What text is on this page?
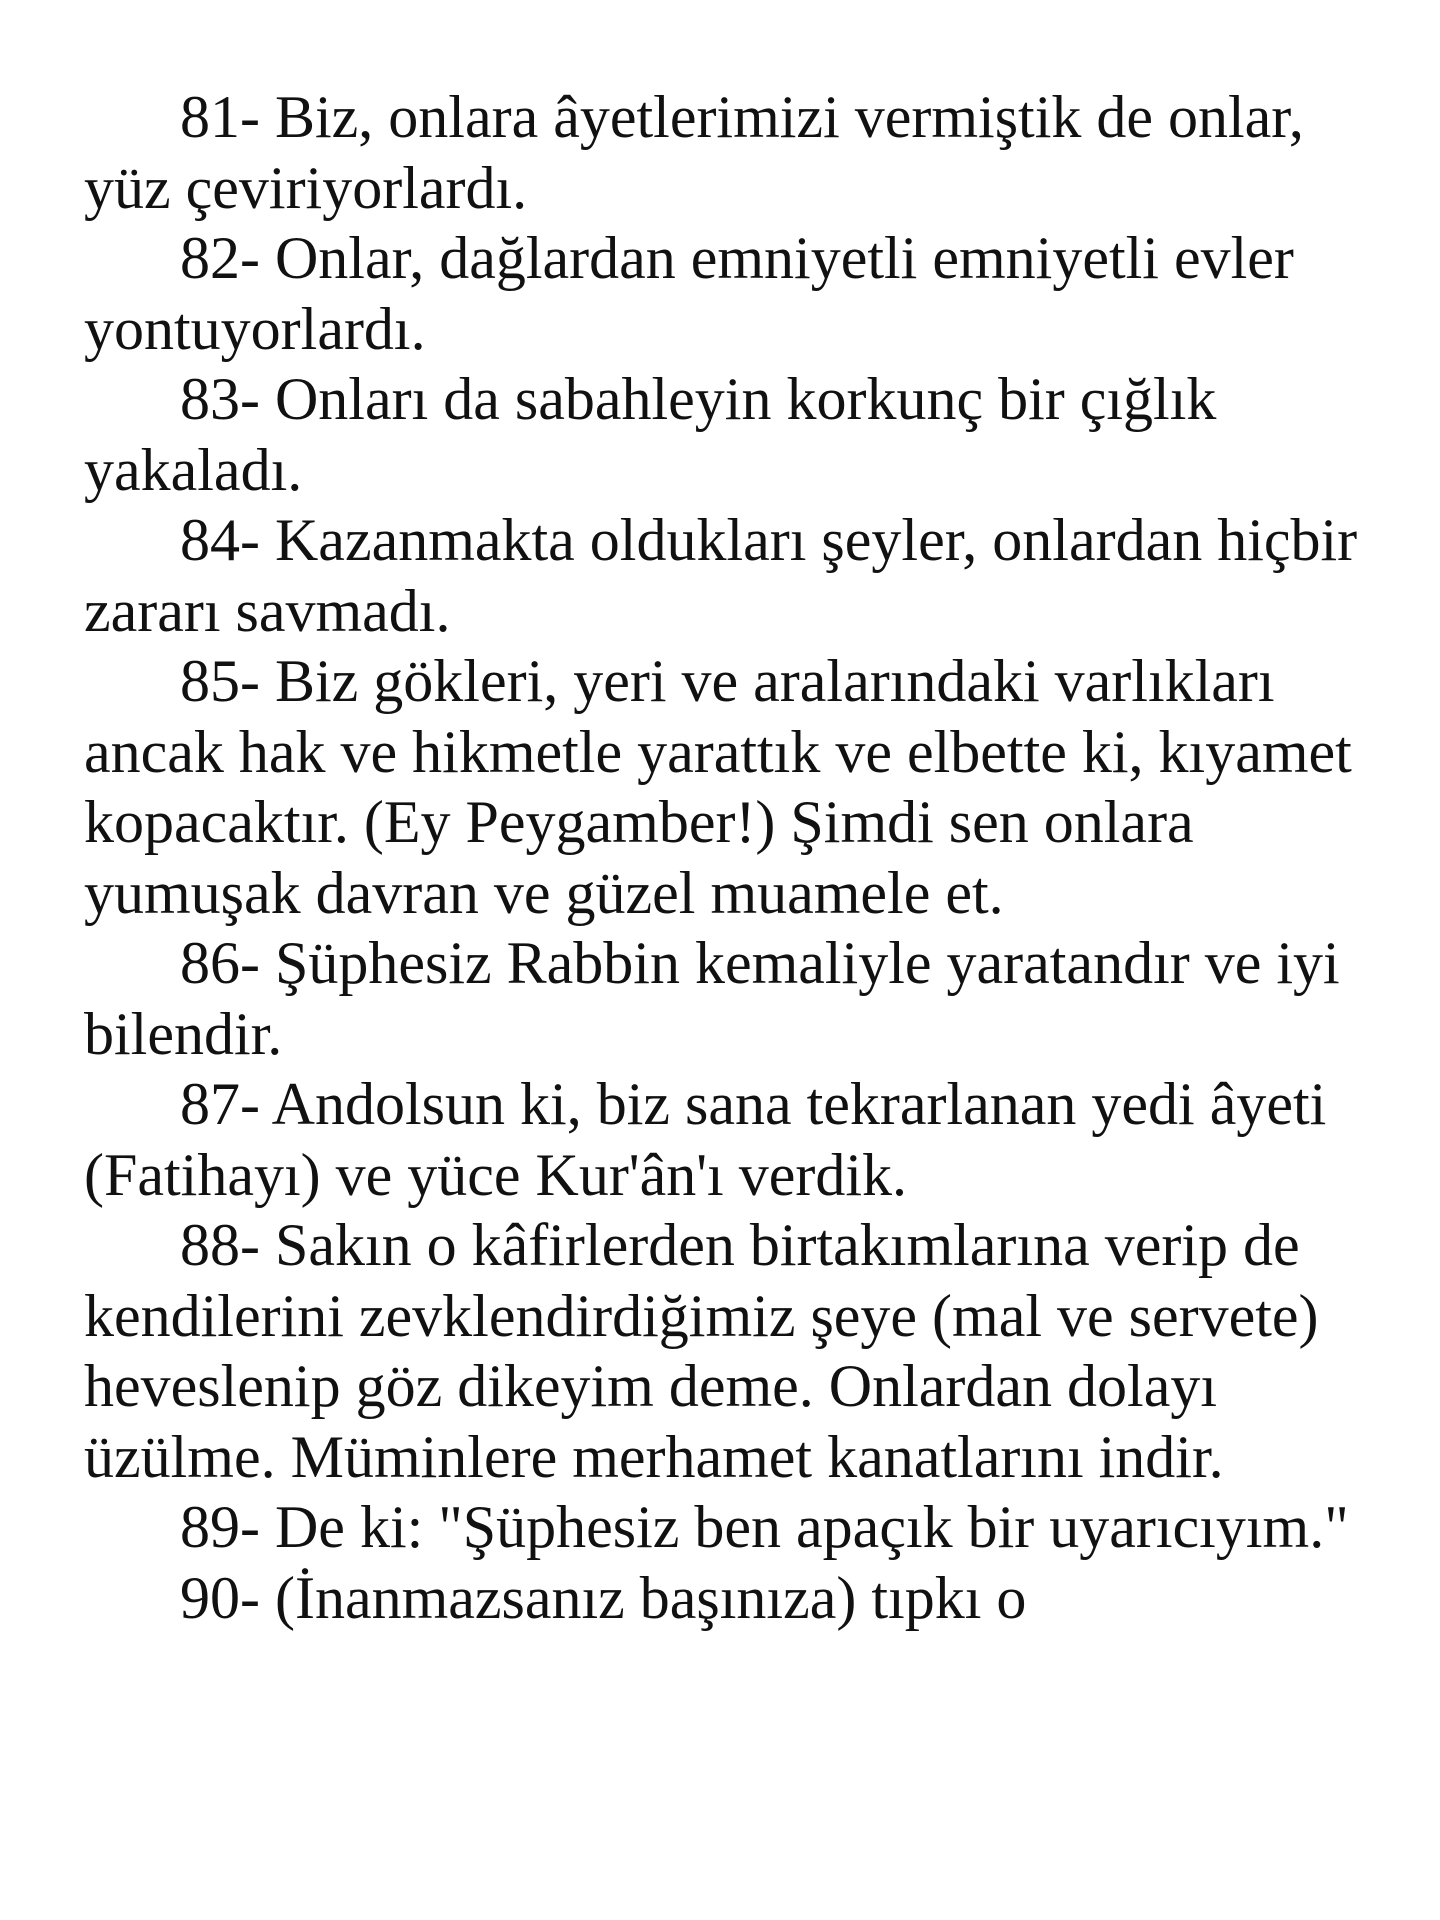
81- Biz, onlara âyetlerimizi vermiştik de onlar, yüz çeviriyorlardı.

82- Onlar, dağlardan emniyetli emniyetli evler yontuyorlardı.

83- Onları da sabahleyin korkunç bir çığlık yakaladı.

84- Kazanmakta oldukları şeyler, onlardan hiçbir zararı savmadı.

85- Biz gökleri, yeri ve aralarındaki varlıkları ancak hak ve hikmetle yarattık ve elbette ki, kıyamet kopacaktır. (Ey Peygamber!) Şimdi sen onlara yumuşak davran ve güzel muamele et.

86- Şüphesiz Rabbin kemaliyle yaratandır ve iyi bilendir.

87- Andolsun ki, biz sana tekrarlanan yedi âyeti (Fatihayı) ve yüce Kur'ân'ı verdik.

88- Sakın o kâfirlerden birtakımlarına verip de kendilerini zevklendirdiğimiz şeye (mal ve servete) heveslenip göz dikeyim deme. Onlardan dolayı üzülme. Müminlere merhamet kanatlarını indir.

89- De ki: "Şüphesiz ben apaçık bir uyarıcıyım."

90- (İnanmazsanız başınıza) tıpkı o
